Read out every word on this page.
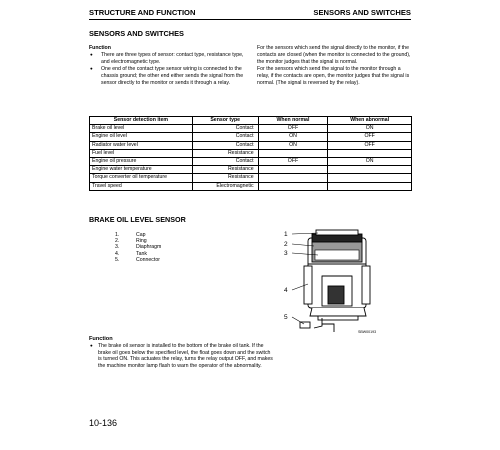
STRUCTURE AND FUNCTION	SENSORS AND SWITCHES
SENSORS AND SWITCHES
Function
● There are three types of sensor: contact type, resistance type, and electromagnetic type.
● One end of the contact type sensor wiring is connected to the chassis ground; the other end either sends the signal from the sensor directly to the monitor or sends it through a relay.

For the sensors which send the signal directly to the monitor, if the contacts are closed (when the monitor is connected to the ground), the monitor judges that the signal is normal.

For the sensors which send the signal to the monitor through a relay, if the contacts are open, the monitor judges that the signal is normal. (The signal is reversed by the relay).

Sensor detection item	Sensor type	When normal	When abnormal
Brake oil level	Contact	OFF	ON
Engine oil level	Contact	ON	OFF
Radiator water level	Contact	ON	OFF
Fuel level	Resistance		
Engine oil pressure	Contact	OFF	ON
Engine water temperature	Resistance		
Torque converter oil temperature	Resistance		
Travel speed	Electromagnetic		
BRAKE OIL LEVEL SENSOR
1.	Cap
2.	Ring
3.	Diaphragm
4.	Tank
5.	Connector
1
2
3
4
5
SBW00193
Function
● The brake oil sensor is installed to the bottom of the brake oil tank. If the brake oil goes below the specified level, the float goes down and the switch is turned ON. This actuates the relay, turns the relay output OFF, and makes the machine monitor lamp flash to warn the operator of the abnormality.
10-136
